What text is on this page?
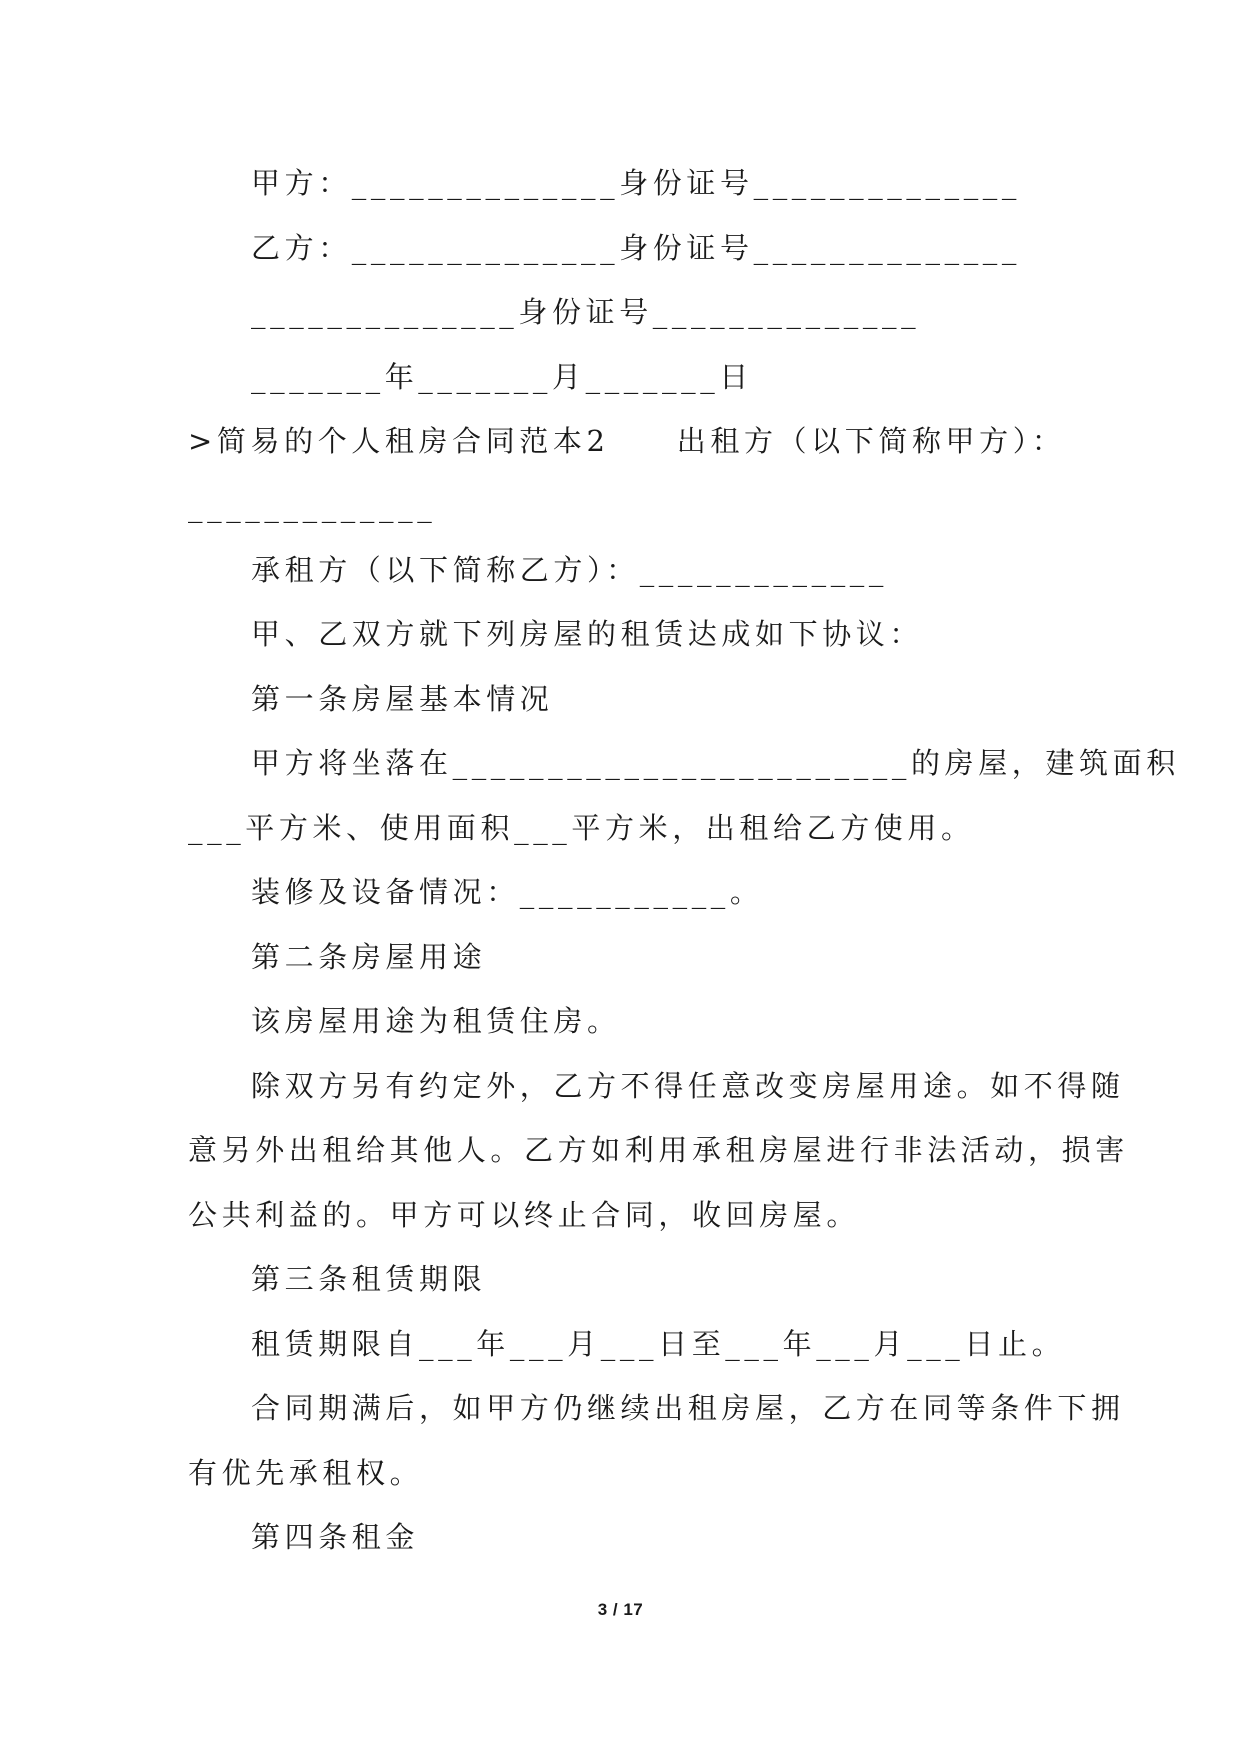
甲方：______________身份证号______________
乙方：______________身份证号______________
______________身份证号______________
_______年_______月_______日
>简易的个人租房合同范本2　　出租方（以下简称甲方）：
_____________
承租方（以下简称乙方）：_____________
甲、乙双方就下列房屋的租赁达成如下协议：
第一条房屋基本情况
甲方将坐落在________________________的房屋，建筑面积
___平方米、使用面积___平方米，出租给乙方使用。
装修及设备情况：___________。
第二条房屋用途
该房屋用途为租赁住房。
除双方另有约定外，乙方不得任意改变房屋用途。如不得随
意另外出租给其他人。乙方如利用承租房屋进行非法活动，损害
公共利益的。甲方可以终止合同，收回房屋。
第三条租赁期限
租赁期限自___年___月___日至___年___月___日止。
合同期满后，如甲方仍继续出租房屋，乙方在同等条件下拥
有优先承租权。
第四条租金
3 / 17
